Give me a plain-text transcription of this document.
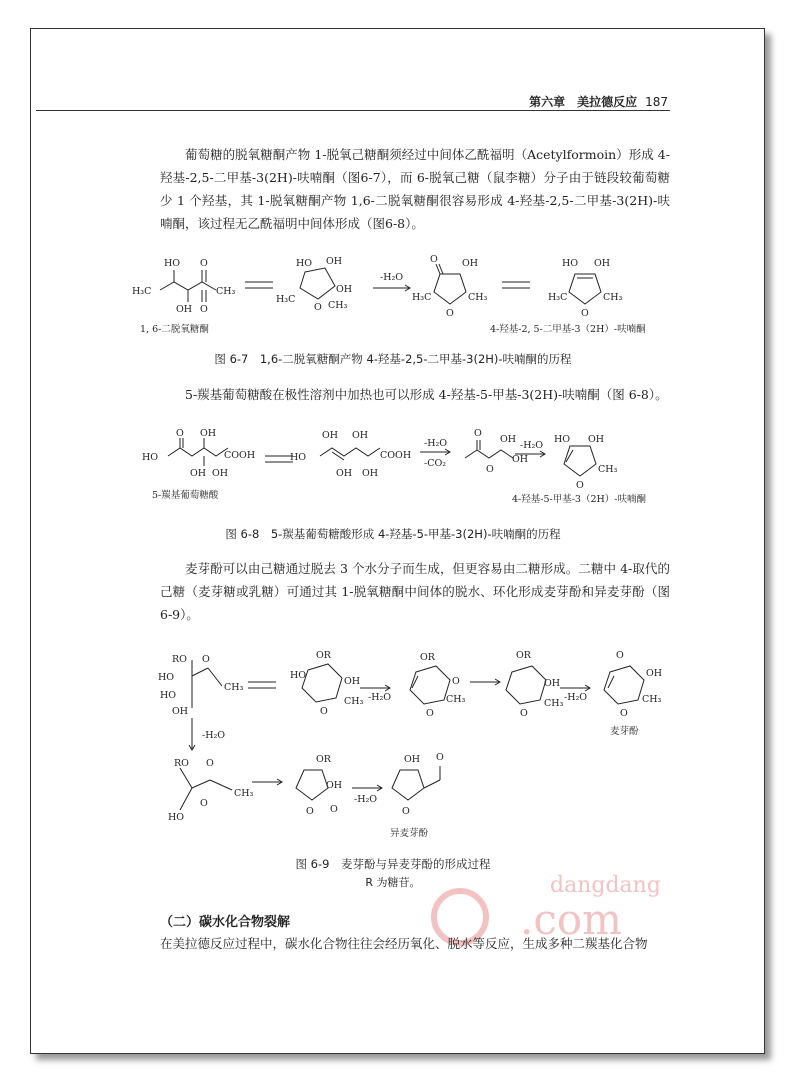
第六章　美拉德反应 187

葡萄糖的脱氧糖酮产物 1-脱氧己糖酮须经过中间体乙酰福明（Acetylformoin）形成 4-羟基-2,5-二甲基-3(2H)-呋喃酮（图6-7），而 6-脱氧己糖（鼠李糖）分子由于链段较葡萄糖少 1 个羟基，其 1-脱氧糖酮产物 1,6-二脱氧糖酮很容易形成 4-羟基-2,5-二甲基-3(2H)-呋喃酮，该过程无乙酰福明中间体形成（图6-8）。

HO O
H₃C	CH₃
OH O
HO OH
H₃C
OH
CH₃
O
-H₂O
O	OH
H₃C	CH₃
O
HO OH
H₃C	CH₃
O
1, 6-二脱氧糖酮	4-羟基-2, 5-二甲基-3（2H）-呋喃酮
图 6-7　1,6-二脱氧糖酮产物 4-羟基-2,5-二甲基-3(2H)-呋喃酮的历程

5-羰基葡萄糖酸在极性溶剂中加热也可以形成 4-羟基-5-甲基-3(2H)-呋喃酮（图 6-8）。

HO
O OH
COOH
OH OH
OH OH
COOH
HO
OH OH
-H₂O
-CO₂
O
OH
O
OH
-H₂O
HO OH
CH₃
O
5-羰基葡萄糖酸	4-羟基-5-甲基-3（2H）-呋喃酮
图 6-8　5-羰基葡萄糖酸形成 4-羟基-5-甲基-3(2H)-呋喃酮的历程

麦芽酚可以由己糖通过脱去 3 个水分子而生成，但更容易由二糖形成。二糖中 4-取代的己糖（麦芽糖或乳糖）可通过其 1-脱氧糖酮中间体的脱水、环化形成麦芽酚和异麦芽酚（图 6-9）。

RO O
HO
CH₃
HO
OH
OR
HO
OH
CH₃
O
-H₂O
OR
O
O
CH₃
OR
OH
CH₃
O
-H₂O
O
OH
CH₃
O
麦芽酚
-H₂O
RO O
CH₃
O
HO
OR
OH
O O
-H₂O
OH
O
O
异麦芽酚
图 6-9　麦芽酚与异麦芽酚的形成过程
R 为糖苷。	dangdang
.com
（二）碳水化合物裂解
在美拉德反应过程中，碳水化合物往往会经历氧化、脱水等反应，生成多种二羰基化合物
